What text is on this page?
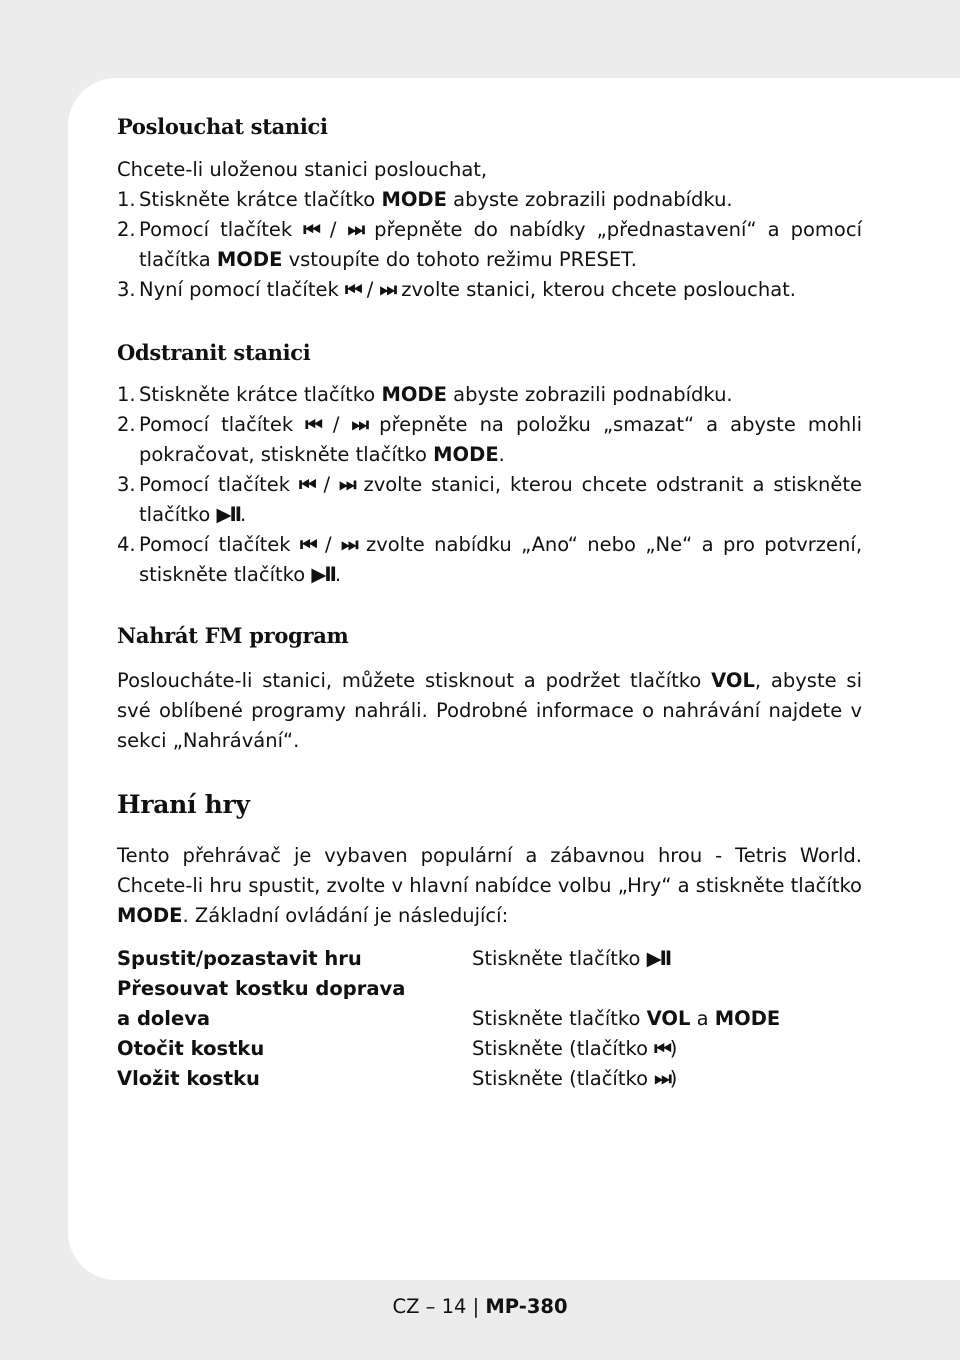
Poslouchat stanici

Chcete-li uloženou stanici poslouchat,

1. Stiskněte krátce tlačítko MODE abyste zobrazili podnabídku.
2. Pomocí tlačítek ⏮ / ⏭ přepněte do nabídky „přednastavení“ a pomocí tlačítka MODE vstoupíte do tohoto režimu PRESET.
3. Nyní pomocí tlačítek ⏮ / ⏭ zvolte stanici, kterou chcete poslouchat.
Odstranit stanici
1. Stiskněte krátce tlačítko MODE abyste zobrazili podnabídku.
2. Pomocí tlačítek ⏮ / ⏭ přepněte na položku „smazat“ a abyste mohli pokračovat, stiskněte tlačítko MODE.
3. Pomocí tlačítek ⏮ / ⏭ zvolte stanici, kterou chcete odstranit a stiskněte tlačítko ▶II.
4. Pomocí tlačítek ⏮ / ⏭ zvolte nabídku „Ano“ nebo „Ne“ a pro potvrzení, stiskněte tlačítko ▶II.
Nahrát FM program

Posloucháte-li stanici, můžete stisknout a podržet tlačítko VOL, abyste si své oblíbené programy nahráli. Podrobné informace o nahrávání najdete v sekci „Nahrávání“.

Hraní hry

Tento přehrávač je vybaven populární a zábavnou hrou - Tetris World. Chcete-li hru spustit, zvolte v hlavní nabídce volbu „Hry“ a stiskněte tlačítko MODE. Základní ovládání je následující:

Spustit/pozastavit hru	Stiskněte tlačítko ▶II
Přesouvat kostku doprava
a doleva	Stiskněte tlačítko VOL a MODE
Otočit kostku	Stiskněte (tlačítko ⏮)
Vložit kostku	Stiskněte (tlačítko ⏭)
CZ – 14 | MP-380
